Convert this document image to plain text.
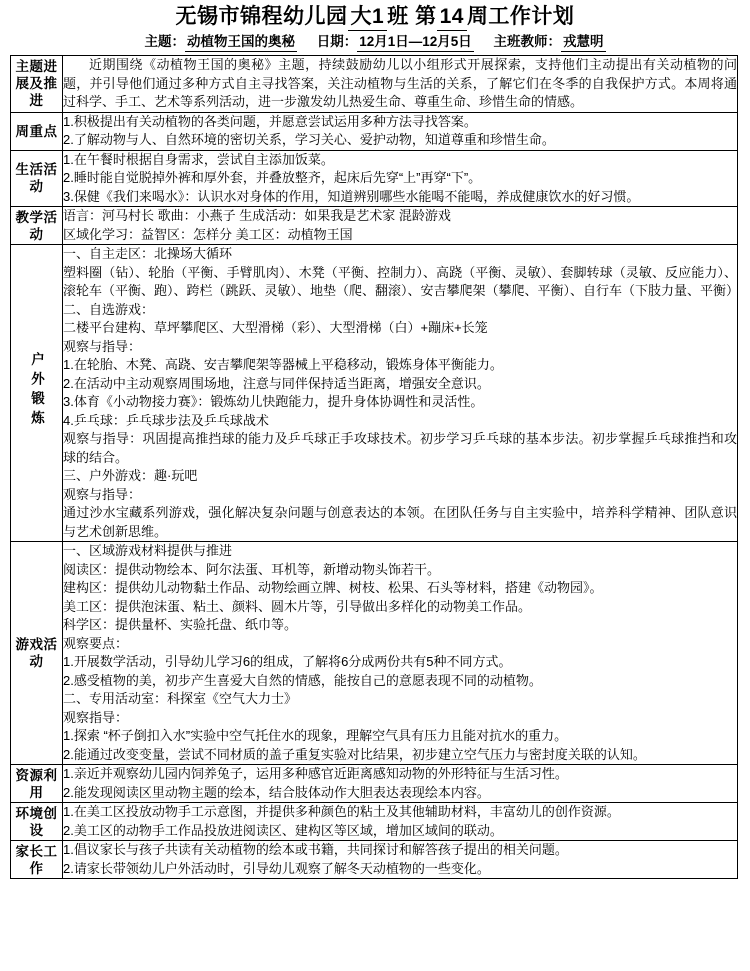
无锡市锦程幼儿园 大1 班 第 14 周工作计划
主题： 动植物王国的奥秘 日期： 12月1日—12月5日 主班教师： 戎慧明
主题进展及推进	近期围绕《动植物王国的奥秘》主题，持续鼓励幼儿以小组形式开展探索，支持他们主动提出有关动植物的问题，并引导他们通过多种方式自主寻找答案，关注动植物与生活的关系，了解它们在冬季的自我保护方式。本周将通过科学、手工、艺术等系列活动，进一步激发幼儿热爱生命、尊重生命、珍惜生命的情感。

周重点	1.积极提出有关动植物的各类问题，并愿意尝试运用多种方法寻找答案。
2.了解动物与人、自然环境的密切关系，学习关心、爱护动物，知道尊重和珍惜生命。

生活活动	1.在午餐时根据自身需求，尝试自主添加饭菜。
2.睡时能自觉脱掉外裤和厚外套，并叠放整齐，起床后先穿“上”再穿“下”。
3.保健《我们来喝水》：认识水对身体的作用，知道辨别哪些水能喝不能喝，养成健康饮水的好习惯。

教学活动	语言：河马村长 歌曲：小燕子 生成活动：如果我是艺术家 混龄游戏
区域化学习：益智区：怎样分 美工区：动植物王国

户外锻炼	
一、自主走区：北操场大循环
塑料圈（钻）、轮胎（平衡、手臂肌肉）、木凳（平衡、控制力）、高跷（平衡、灵敏）、套脚转球（灵敏、反应能力）、滚轮车（平衡、跑）、跨栏（跳跃、灵敏）、地垫（爬、翻滚）、安吉攀爬架（攀爬、平衡）、自行车（下肢力量、平衡）
二、自选游戏：
二楼平台建构、草坪攀爬区、大型滑梯（彩）、大型滑梯（白）+蹦床+长笼
观察与指导：
1.在轮胎、木凳、高跷、安吉攀爬架等器械上平稳移动，锻炼身体平衡能力。
2.在活动中主动观察周围场地，注意与同伴保持适当距离，增强安全意识。
3.体育《小动物接力赛》：锻炼幼儿快跑能力，提升身体协调性和灵活性。
4.乒乓球：乒乓球步法及乒乓球战术
观察与指导：巩固提高推挡球的能力及乒乓球正手攻球技术。初步学习乒乓球的基本步法。初步掌握乒乓球推挡和攻球的结合。
三、户外游戏：趣·玩吧
观察与指导：
通过沙水宝藏系列游戏，强化解决复杂问题与创意表达的本领。在团队任务与自主实验中，培养科学精神、团队意识与艺术创新思维。

游戏活动	
一、区域游戏材料提供与推进
阅读区：提供动物绘本、阿尔法蛋、耳机等，新增动物头饰若干。
建构区：提供幼儿动物黏土作品、动物绘画立牌、树枝、松果、石头等材料，搭建《动物园》。
美工区：提供泡沫蛋、粘土、颜料、圆木片等，引导做出多样化的动物美工作品。
科学区：提供量杯、实验托盘、纸巾等。
观察要点：
1.开展数学活动，引导幼儿学习6的组成，了解将6分成两份共有5种不同方式。
2.感受植物的美，初步产生喜爱大自然的情感，能按自己的意愿表现不同的动植物。
二、专用活动室：科探室《空气大力士》
观察指导：
1.探索 “杯子倒扣入水”实验中空气托住水的现象，理解空气具有压力且能对抗水的重力。
2.能通过改变变量，尝试不同材质的盖子重复实验对比结果，初步建立空气压力与密封度关联的认知。

资源利用	1.亲近并观察幼儿园内饲养兔子，运用多种感官近距离感知动物的外形特征与生活习性。
2.能发现阅读区里动物主题的绘本，结合肢体动作大胆表达表现绘本内容。

环境创设	1.在美工区投放动物手工示意图，并提供多种颜色的粘土及其他辅助材料，丰富幼儿的创作资源。
2.美工区的动物手工作品投放进阅读区、建构区等区域，增加区域间的联动。

家长工作	1.倡议家长与孩子共读有关动植物的绘本或书籍，共同探讨和解答孩子提出的相关问题。
2.请家长带领幼儿户外活动时，引导幼儿观察了解冬天动植物的一些变化。
